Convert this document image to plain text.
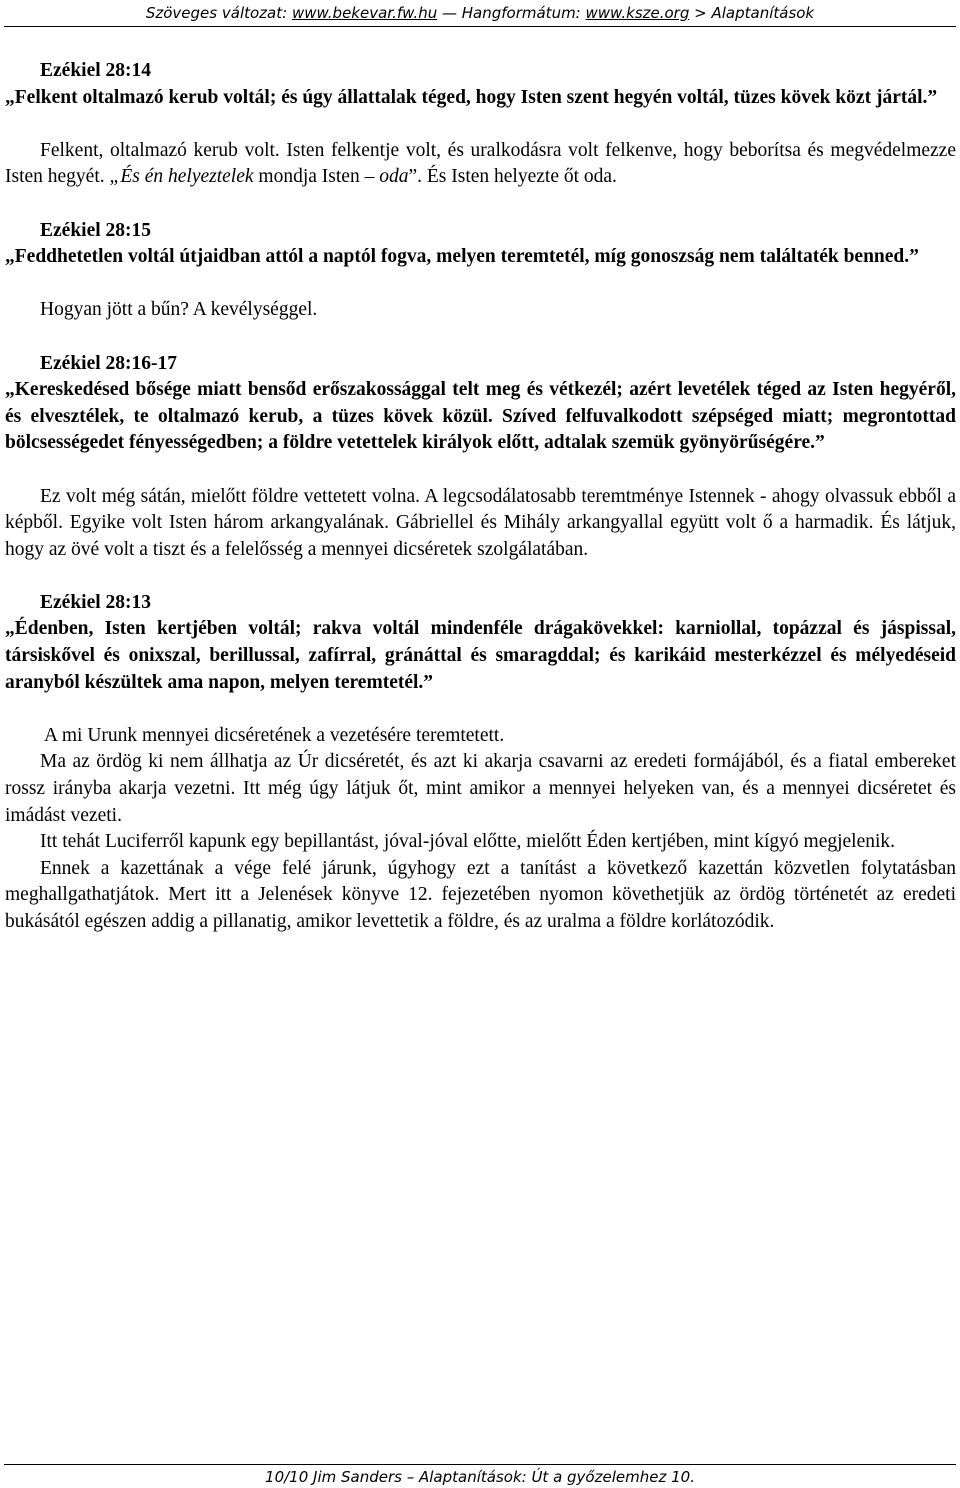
Szöveges változat: www.bekevar.fw.hu — Hangformátum: www.ksze.org > Alaptanítások

Ezékiel 28:14

„Felkent oltalmazó kerub voltál; és úgy állattalak téged, hogy Isten szent hegyén voltál, tüzes kövek közt jártál.”

Felkent, oltalmazó kerub volt. Isten felkentje volt, és uralkodásra volt felkenve, hogy beborítsa és megvédelmezze Isten hegyét. „És én helyeztelek mondja Isten – oda”. És Isten helyezte őt oda.

Ezékiel 28:15

„Feddhetetlen voltál útjaidban attól a naptól fogva, melyen teremtetél, míg gonoszság nem találtaték benned.”

Hogyan jött a bűn? A kevélységgel.

Ezékiel 28:16-17

„Kereskedésed bősége miatt bensőd erőszakossággal telt meg és vétkezél; azért levetélek téged az Isten hegyéről, és elvesztélek, te oltalmazó kerub, a tüzes kövek közül. Szíved felfuvalkodott szépséged miatt; megrontottad bölcsességedet fényességedben; a földre vetettelek királyok előtt, adtalak szemük gyönyörűségére.”

Ez volt még sátán, mielőtt földre vettetett volna. A legcsodálatosabb teremtménye Istennek - ahogy olvassuk ebből a képből. Egyike volt Isten három arkangyalának. Gábriellel és Mihály arkangyallal együtt volt ő a harmadik. És látjuk, hogy az övé volt a tiszt és a felelősség a mennyei dicséretek szolgálatában.

Ezékiel 28:13

„Édenben, Isten kertjében voltál; rakva voltál mindenféle drágakövekkel: karniollal, topázzal és jáspissal, társiskővel és onixszal, berillussal, zafírral, gránáttal és smaragddal; és karikáid mesterkézzel és mélyedéseid aranyból készültek ama napon, melyen teremtetél.”

A mi Urunk mennyei dicséretének a vezetésére teremtetett.

Ma az ördög ki nem állhatja az Úr dicséretét, és azt ki akarja csavarni az eredeti formájából, és a fiatal embereket rossz irányba akarja vezetni. Itt még úgy látjuk őt, mint amikor a mennyei helyeken van, és a mennyei dicséretet és imádást vezeti.

Itt tehát Luciferről kapunk egy bepillantást, jóval-jóval előtte, mielőtt Éden kertjében, mint kígyó megjelenik.

Ennek a kazettának a vége felé járunk, úgyhogy ezt a tanítást a következő kazettán közvetlen folytatásban meghallgathatjátok. Mert itt a Jelenések könyve 12. fejezetében nyomon követhetjük az ördög történetét az eredeti bukásától egészen addig a pillanatig, amikor levettetik a földre, és az uralma a földre korlátozódik.

10/10 Jim Sanders – Alaptanítások: Út a győzelemhez 10.
